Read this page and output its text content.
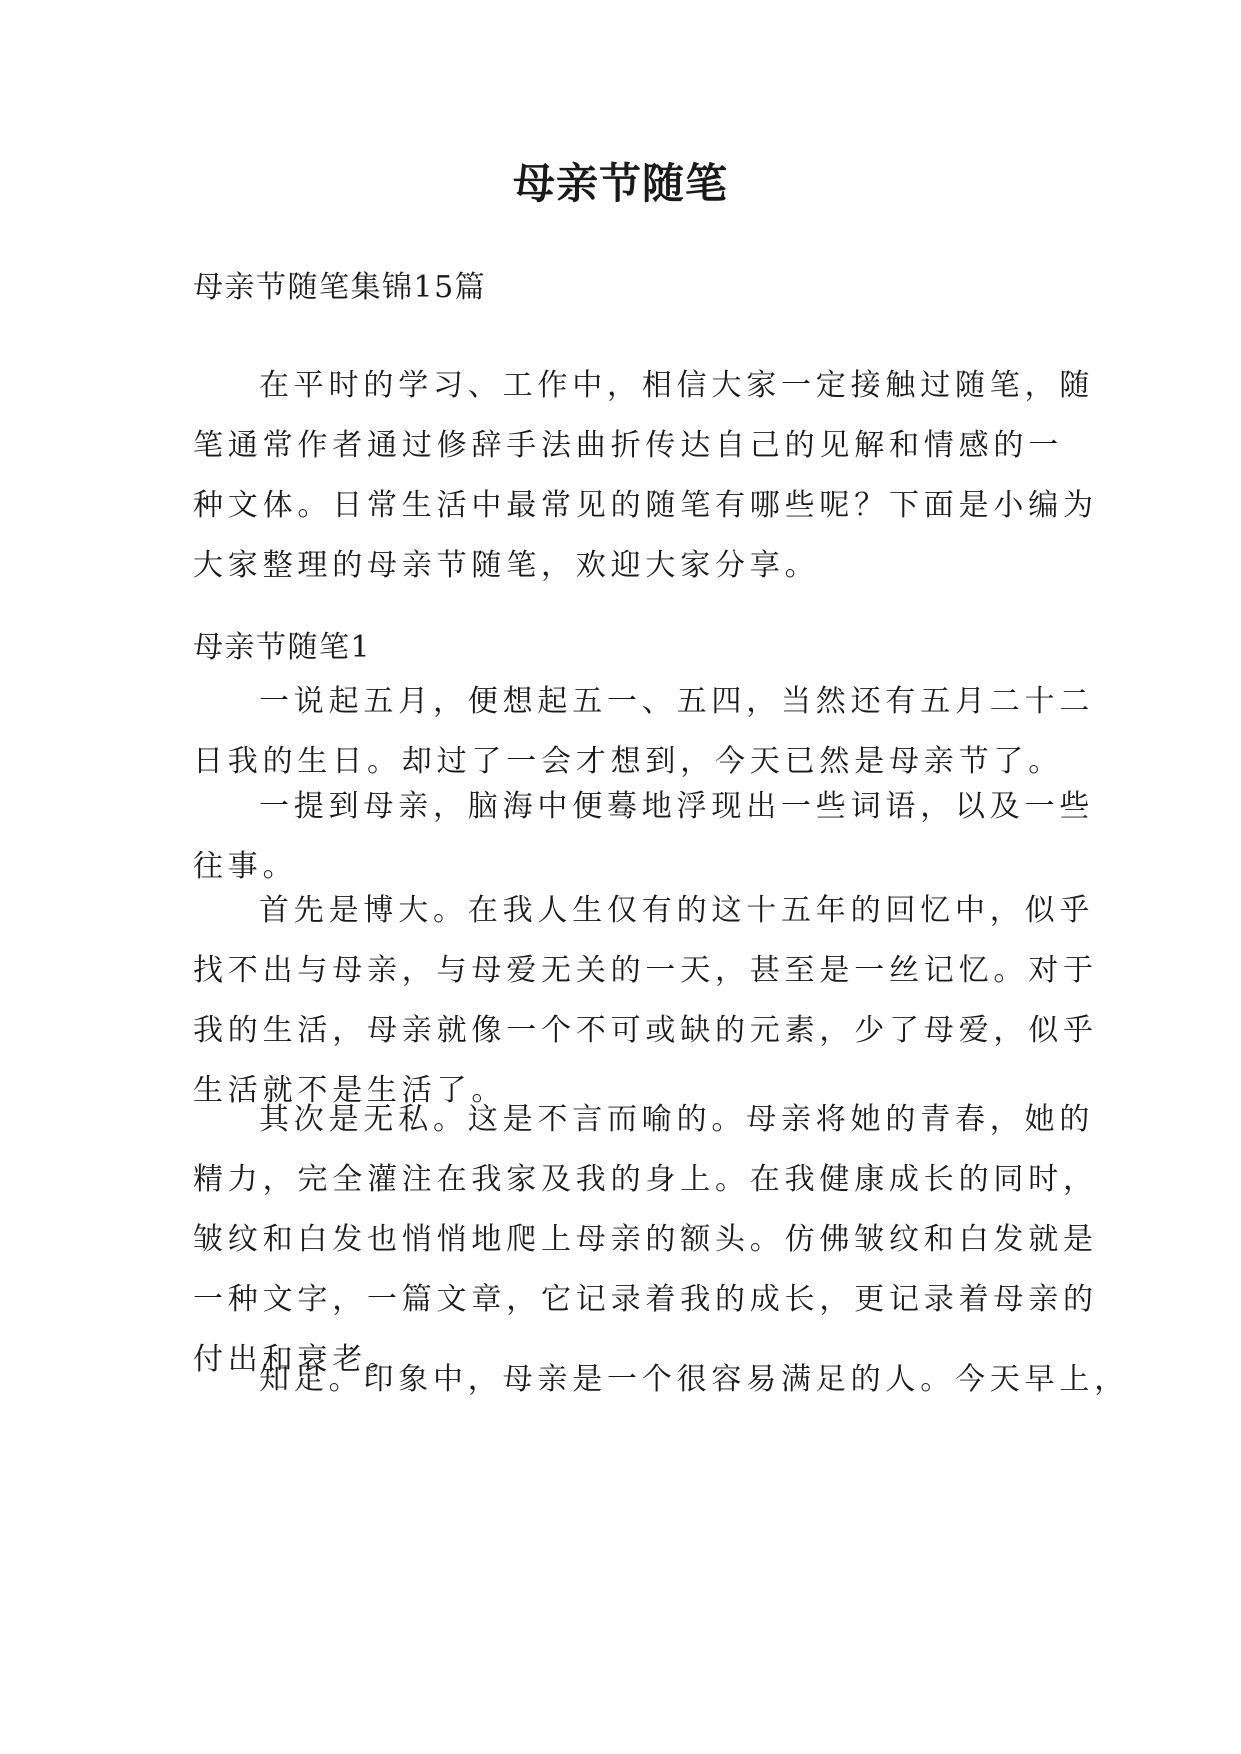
母亲节随笔
母亲节随笔集锦15篇
在平时的学习、工作中，相信大家一定接触过随笔，随
笔通常作者通过修辞手法曲折传达自己的见解和情感的一
种文体。日常生活中最常见的随笔有哪些呢？下面是小编为
大家整理的母亲节随笔，欢迎大家分享。
母亲节随笔1
一说起五月，便想起五一、五四，当然还有五月二十二
日我的生日。却过了一会才想到，今天已然是母亲节了。
一提到母亲，脑海中便蓦地浮现出一些词语，以及一些
往事。
首先是博大。在我人生仅有的这十五年的回忆中，似乎
找不出与母亲，与母爱无关的一天，甚至是一丝记忆。对于
我的生活，母亲就像一个不可或缺的元素，少了母爱，似乎
生活就不是生活了。
其次是无私。这是不言而喻的。母亲将她的青春，她的
精力，完全灌注在我家及我的身上。在我健康成长的同时，
皱纹和白发也悄悄地爬上母亲的额头。仿佛皱纹和白发就是
一种文字，一篇文章，它记录着我的成长，更记录着母亲的
付出和衰老。
知足。印象中，母亲是一个很容易满足的人。今天早上，
